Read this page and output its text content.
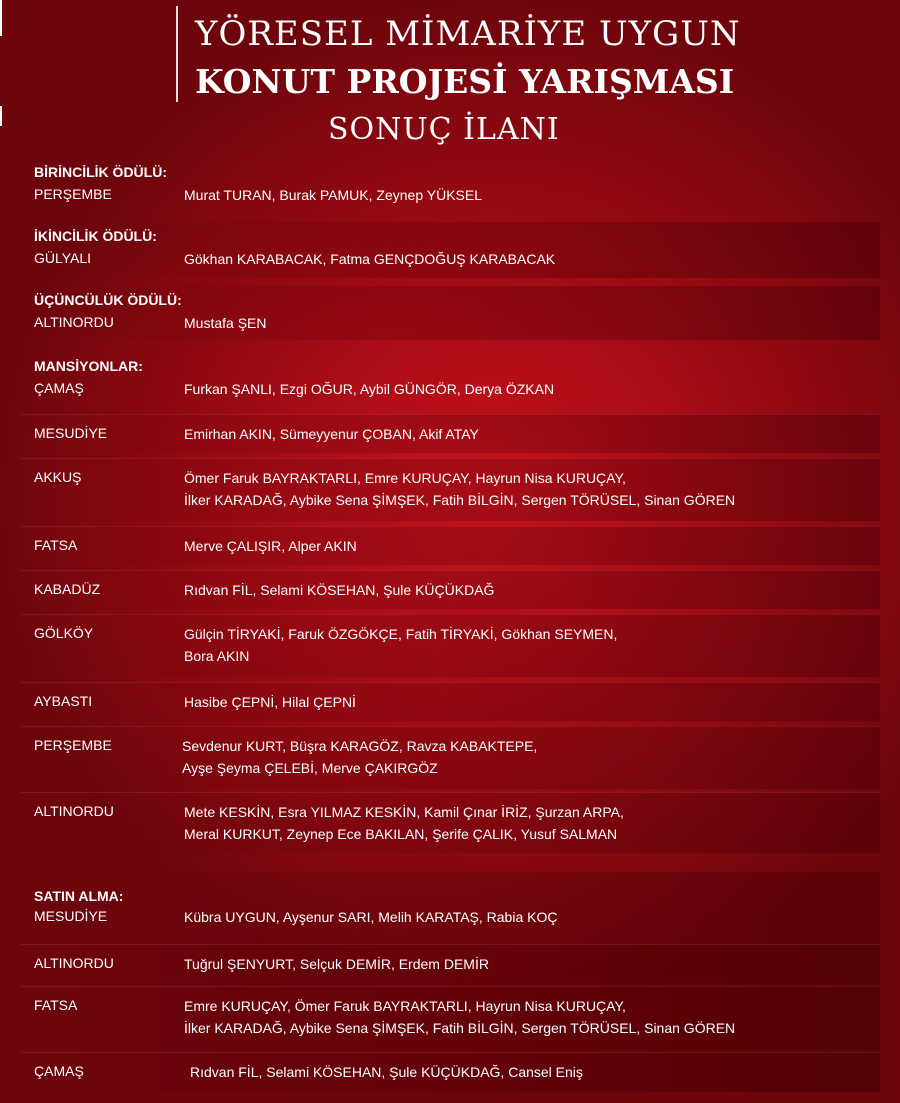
YÖRESEL MİMARİYE UYGUN
KONUT PROJESİ YARIŞMASI
SONUÇ İLANI
BİRİNCİLİK ÖDÜLÜ:
PERŞEMBE	Murat TURAN, Burak PAMUK, Zeynep YÜKSEL
İKİNCİLİK ÖDÜLÜ:
GÜLYALI	Gökhan KARABACAK, Fatma GENÇDOĞUŞ KARABACAK
ÜÇÜNCÜLÜK ÖDÜLÜ:
ALTINORDU	Mustafa ŞEN
MANSİYONLAR:
ÇAMAŞ	Furkan ŞANLI, Ezgi OĞUR, Aybil GÜNGÖR, Derya ÖZKAN
MESUDİYE	Emirhan AKIN, Sümeyyenur ÇOBAN, Akif ATAY
AKKUŞ	Ömer Faruk BAYRAKTARLI, Emre KURUÇAY, Hayrun Nisa KURUÇAY,
İlker KARADAĞ, Aybike Sena ŞİMŞEK, Fatih BİLGİN, Sergen TÖRÜSEL, Sinan GÖREN
FATSA	Merve ÇALIŞIR, Alper AKIN
KABADÜZ	Rıdvan FİL, Selami KÖSEHAN, Şule KÜÇÜKDAĞ
GÖLKÖY	Gülçin TİRYAKİ, Faruk ÖZGÖKÇE, Fatih TİRYAKİ, Gökhan SEYMEN,
Bora AKIN
AYBASTI	Hasibe ÇEPNİ, Hilal ÇEPNİ
PERŞEMBE	Sevdenur KURT, Büşra KARAGÖZ, Ravza KABAKTEPE,
Ayşe Şeyma ÇELEBİ, Merve ÇAKIRGÖZ
ALTINORDU	Mete KESKİN, Esra YILMAZ KESKİN, Kamil Çınar İRİZ, Şurzan ARPA,
Meral KURKUT, Zeynep Ece BAKILAN, Şerife ÇALIK, Yusuf SALMAN
SATIN ALMA:
MESUDİYE	Kübra UYGUN, Ayşenur SARI, Melih KARATAŞ, Rabia KOÇ
ALTINORDU	Tuğrul ŞENYURT, Selçuk DEMİR, Erdem DEMİR
FATSA	Emre KURUÇAY, Ömer Faruk BAYRAKTARLI, Hayrun Nisa KURUÇAY,
İlker KARADAĞ, Aybike Sena ŞİMŞEK, Fatih BİLGİN, Sergen TÖRÜSEL, Sinan GÖREN
ÇAMAŞ	Rıdvan FİL, Selami KÖSEHAN, Şule KÜÇÜKDAĞ, Cansel Eniş
